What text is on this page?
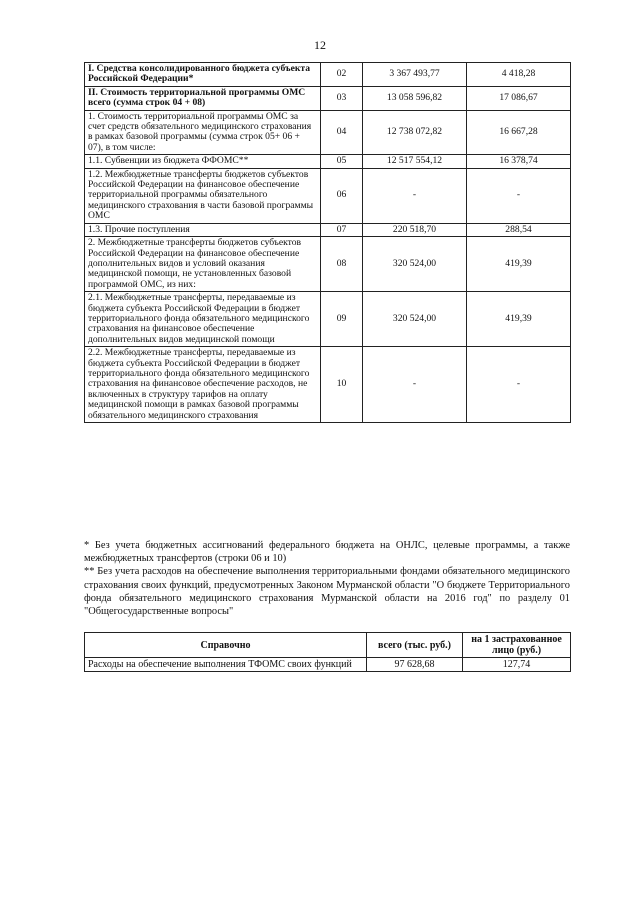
12
I. Средства консолидированного бюджета субъекта Российской Федерации*	02	3 367 493,77	4 418,28
II. Стоимость территориальной программы ОМС всего (сумма строк 04 + 08)	03	13 058 596,82	17 086,67
1. Стоимость территориальной программы ОМС за счет средств обязательного медицинского страхования в рамках базовой программы (сумма строк 05+ 06 + 07), в том числе:	04	12 738 072,82	16 667,28
1.1. Субвенции из бюджета ФФОМС**	05	12 517 554,12	16 378,74
1.2. Межбюджетные трансферты бюджетов субъектов Российской Федерации на финансовое обеспечение территориальной программы обязательного медицинского страхования в части базовой программы ОМС	06	-	-
1.3. Прочие поступления	07	220 518,70	288,54
2. Межбюджетные трансферты бюджетов субъектов Российской Федерации на финансовое обеспечение дополнительных видов и условий оказания медицинской помощи, не установленных базовой программой ОМС, из них:	08	320 524,00	419,39
2.1. Межбюджетные трансферты, передаваемые из бюджета субъекта Российской Федерации в бюджет территориального фонда обязательного медицинского страхования на финансовое обеспечение дополнительных видов медицинской помощи	09	320 524,00	419,39
2.2. Межбюджетные трансферты, передаваемые из бюджета субъекта Российской Федерации в бюджет территориального фонда обязательного медицинского страхования на финансовое обеспечение расходов, не включенных в структуру тарифов на оплату медицинской помощи в рамках базовой программы обязательного медицинского страхования	10	-	-

* Без учета бюджетных ассигнований федерального бюджета на ОНЛС, целевые программы, а также межбюджетных трансфертов (строки 06 и 10)

** Без учета расходов на обеспечение выполнения территориальными фондами обязательного медицинского страхования своих функций, предусмотренных Законом Мурманской области "О бюджете Территориального фонда обязательного медицинского страхования Мурманской области на 2016 год" по разделу 01 "Общегосударственные вопросы"

Справочно	всего (тыс. руб.)	на 1 застрахованное лицо (руб.)
Расходы на обеспечение выполнения ТФОМС своих функций	97 628,68	127,74
